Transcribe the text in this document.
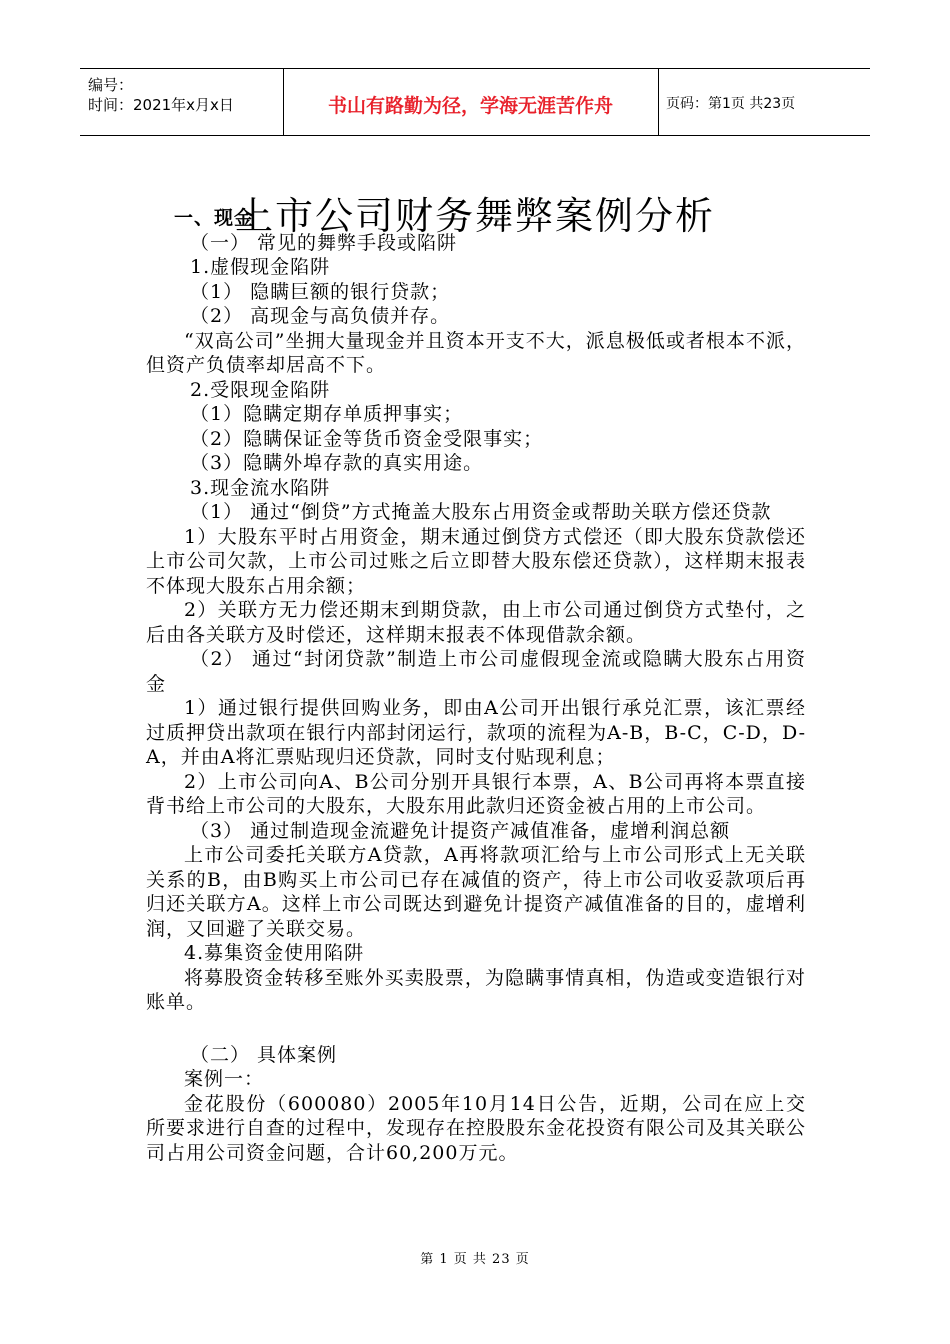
编号：
时间：2021年x月x日	书山有路勤为径，学海无涯苦作舟	页码：第1页 共23页
上市公司财务舞弊案例分析

一、现金

（一） 常见的舞弊手段或陷阱

1.虚假现金陷阱

（1） 隐瞒巨额的银行贷款；

（2） 高现金与高负债并存。

“双高公司”坐拥大量现金并且资本开支不大，派息极低或者根本不派，但资产负债率却居高不下。

2.受限现金陷阱

（1）隐瞒定期存单质押事实；

（2）隐瞒保证金等货币资金受限事实；

（3）隐瞒外埠存款的真实用途。

3.现金流水陷阱

（1） 通过“倒贷”方式掩盖大股东占用资金或帮助关联方偿还贷款

1）大股东平时占用资金，期末通过倒贷方式偿还（即大股东贷款偿还上市公司欠款，上市公司过账之后立即替大股东偿还贷款），这样期末报表不体现大股东占用余额；

2）关联方无力偿还期末到期贷款，由上市公司通过倒贷方式垫付，之后由各关联方及时偿还，这样期末报表不体现借款余额。

（2） 通过“封闭贷款”制造上市公司虚假现金流或隐瞒大股东占用资金

1）通过银行提供回购业务，即由A公司开出银行承兑汇票，该汇票经过质押贷出款项在银行内部封闭运行，款项的流程为A-B，B-C，C-D，D-A，并由A将汇票贴现归还贷款，同时支付贴现利息；

2）上市公司向A、B公司分别开具银行本票，A、B公司再将本票直接背书给上市公司的大股东，大股东用此款归还资金被占用的上市公司。

（3） 通过制造现金流避免计提资产减值准备，虚增利润总额

上市公司委托关联方A贷款，A再将款项汇给与上市公司形式上无关联关系的B，由B购买上市公司已存在减值的资产，待上市公司收妥款项后再归还关联方A。这样上市公司既达到避免计提资产减值准备的目的，虚增利润，又回避了关联交易。

4.募集资金使用陷阱

将募股资金转移至账外买卖股票，为隐瞒事情真相，伪造或变造银行对账单。

（二） 具体案例

案例一：

金花股份（600080）2005年10月14日公告，近期，公司在应上交所要求进行自查的过程中，发现存在控股股东金花投资有限公司及其关联公司占用公司资金问题，合计60,200万元。

第 1 页 共 23 页
